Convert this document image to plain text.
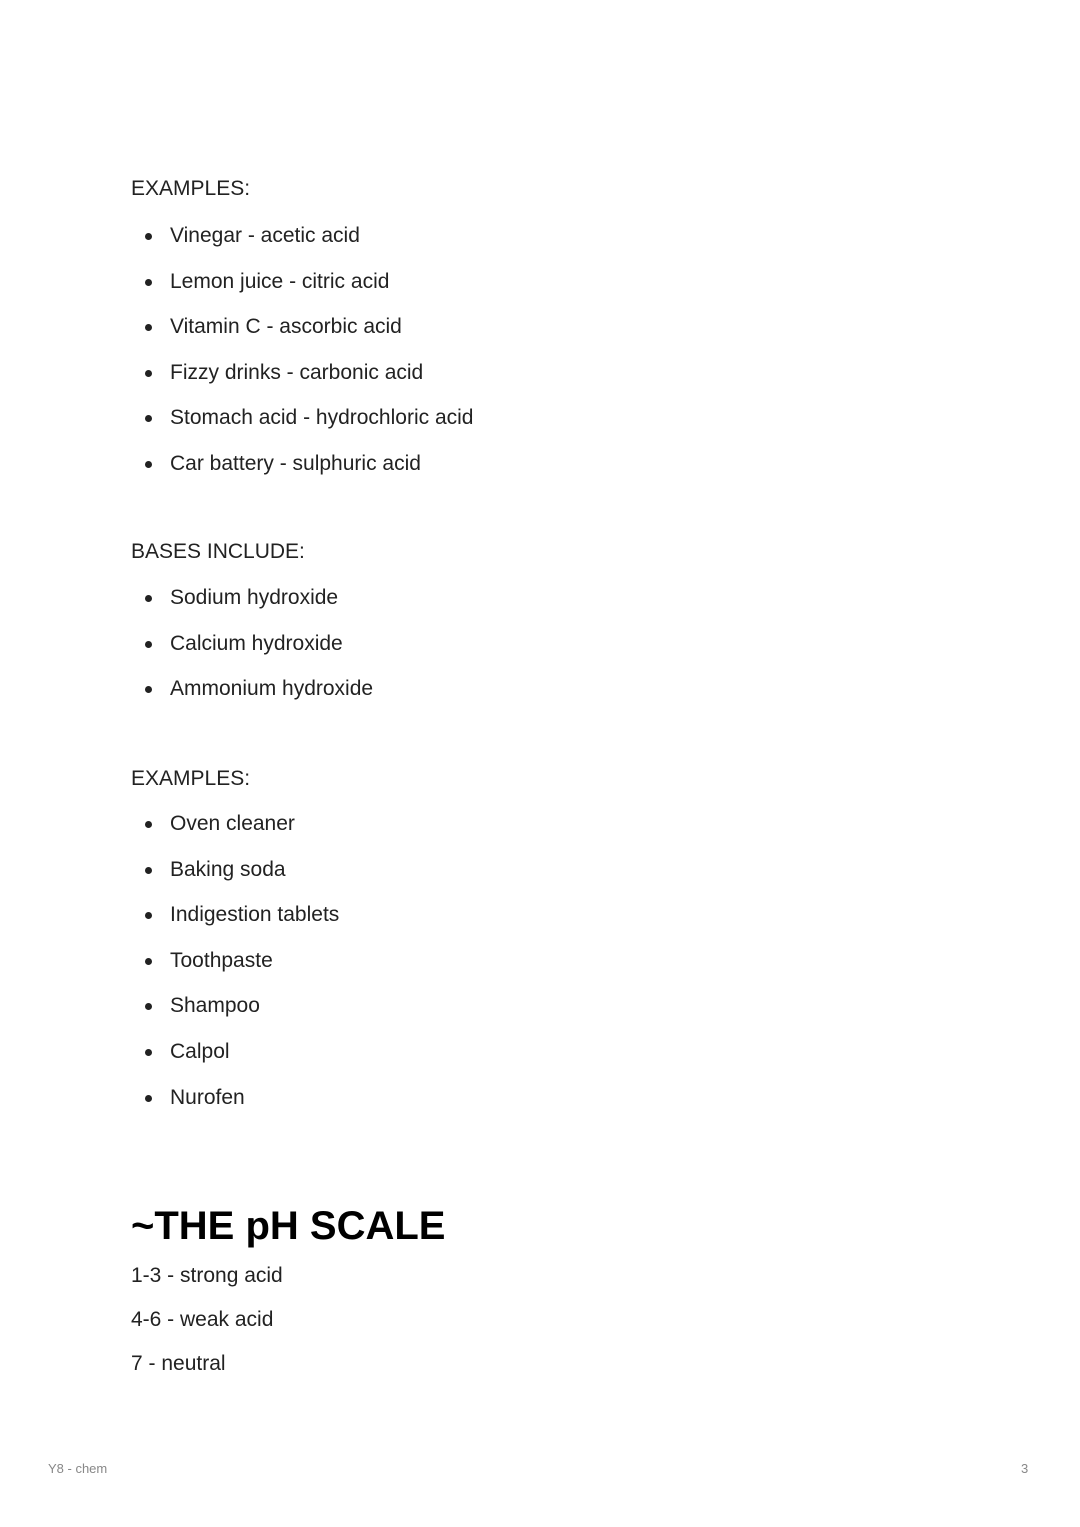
EXAMPLES:
Vinegar - acetic acid
Lemon juice - citric acid
Vitamin C - ascorbic acid
Fizzy drinks - carbonic acid
Stomach acid - hydrochloric acid
Car battery - sulphuric acid
BASES INCLUDE:
Sodium hydroxide
Calcium hydroxide
Ammonium hydroxide
EXAMPLES:
Oven cleaner
Baking soda
Indigestion tablets
Toothpaste
Shampoo
Calpol
Nurofen
~THE pH SCALE
1-3 - strong acid
4-6 - weak acid
7 - neutral
Y8 - chem	3
